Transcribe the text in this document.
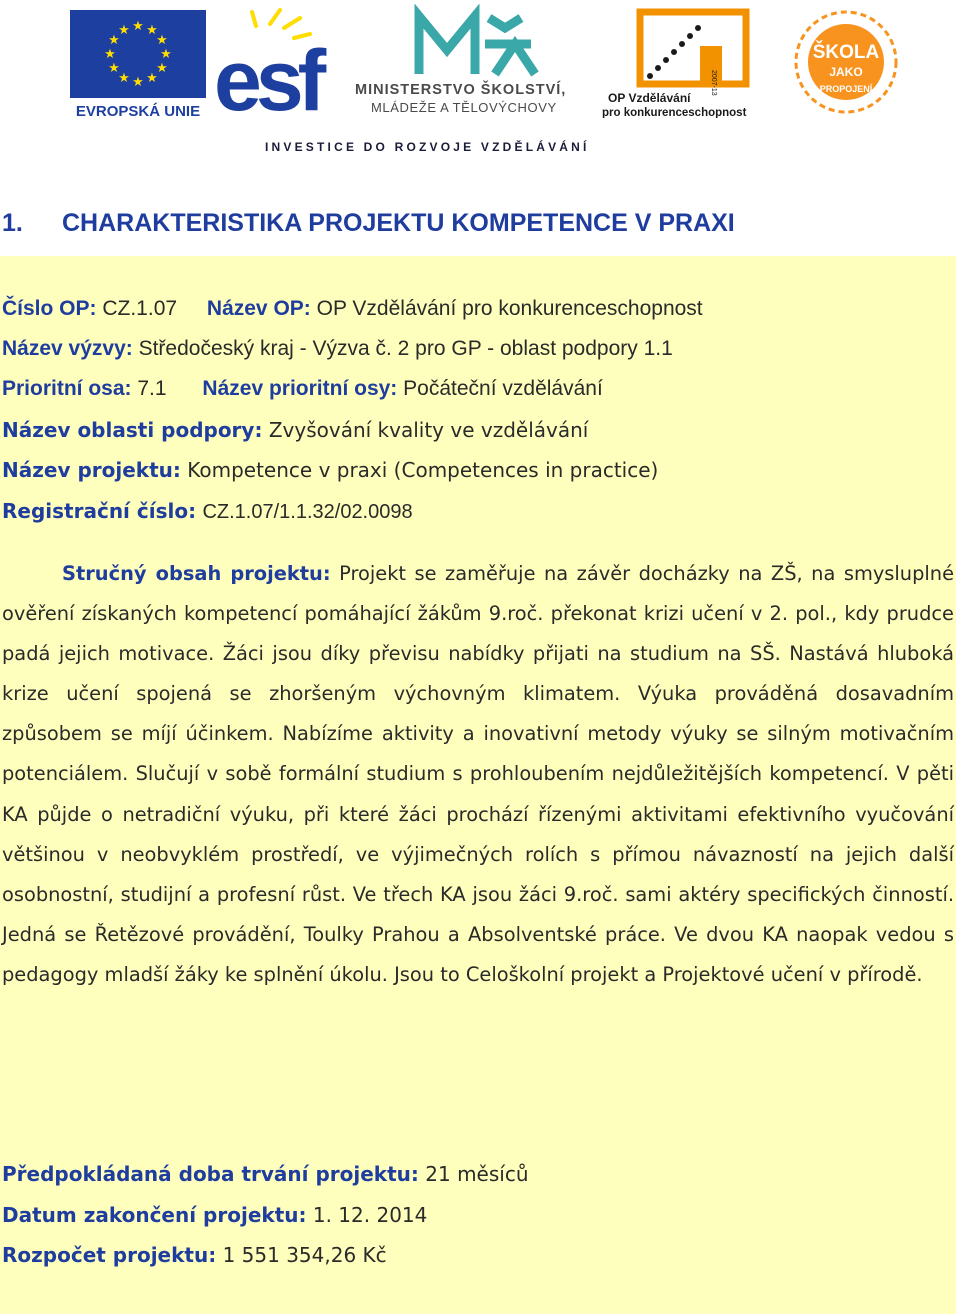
★ ★
★
★
★
★
★
★
★
★
★
★
EVROPSKÁ UNIE esf	MINISTERSTVO ŠKOLSTVÍ,
MLÁDEŽE A TĚLOVÝCHOVY
2007-13
OP Vzdělávání
pro konkurenceschopnost
ŠKOLA
JAKO
PROPOJENÍ
INVESTICE DO ROZVOJE VZDĚLÁVÁNÍ
1. CHARAKTERISTIKA PROJEKTU KOMPETENCE V PRAXI
Číslo OP: CZ.1.07 Název OP: OP Vzdělávání pro konkurenceschopnost
Název výzvy: Středočeský kraj - Výzva č. 2 pro GP - oblast podpory 1.1
Prioritní osa: 7.1 Název prioritní osy: Počáteční vzdělávání
Název oblasti podpory: Zvyšování kvality ve vzdělávání
Název projektu: Kompetence v praxi (Competences in practice)
Registrační číslo: CZ.1.07/1.1.32/02.0098
Stručný obsah projektu: Projekt se zaměřuje na závěr docházky na ZŠ, na smysluplné ověření získaných kompetencí pomáhající žákům 9.roč. překonat krizi učení v 2. pol., kdy prudce padá jejich motivace. Žáci jsou díky převisu nabídky přijati na studium na SŠ. Nastává hluboká krize učení spojená se zhoršeným výchovným klimatem. Výuka prováděná dosavadním způsobem se míjí účinkem. Nabízíme aktivity a inovativní metody výuky se silným motivačním potenciálem. Slučují v sobě formální studium s prohloubením nejdůležitějších kompetencí. V pěti KA půjde o netradiční výuku, při které žáci prochází řízenými aktivitami efektivního vyučování většinou v neobvyklém prostředí, ve výjimečných rolích s přímou návazností na jejich další osobnostní, studijní a profesní růst. Ve třech KA jsou žáci 9.roč. sami aktéry specifických činností. Jedná se Řetězové provádění, Toulky Prahou a Absolventské práce. Ve dvou KA naopak vedou s pedagogy mladší žáky ke splnění úkolu. Jsou to Celoškolní projekt a Projektové učení v přírodě.
Předpokládaná doba trvání projektu: 21 měsíců
Datum zakončení projektu: 1. 12. 2014
Rozpočet projektu: 1 551 354,26 Kč
